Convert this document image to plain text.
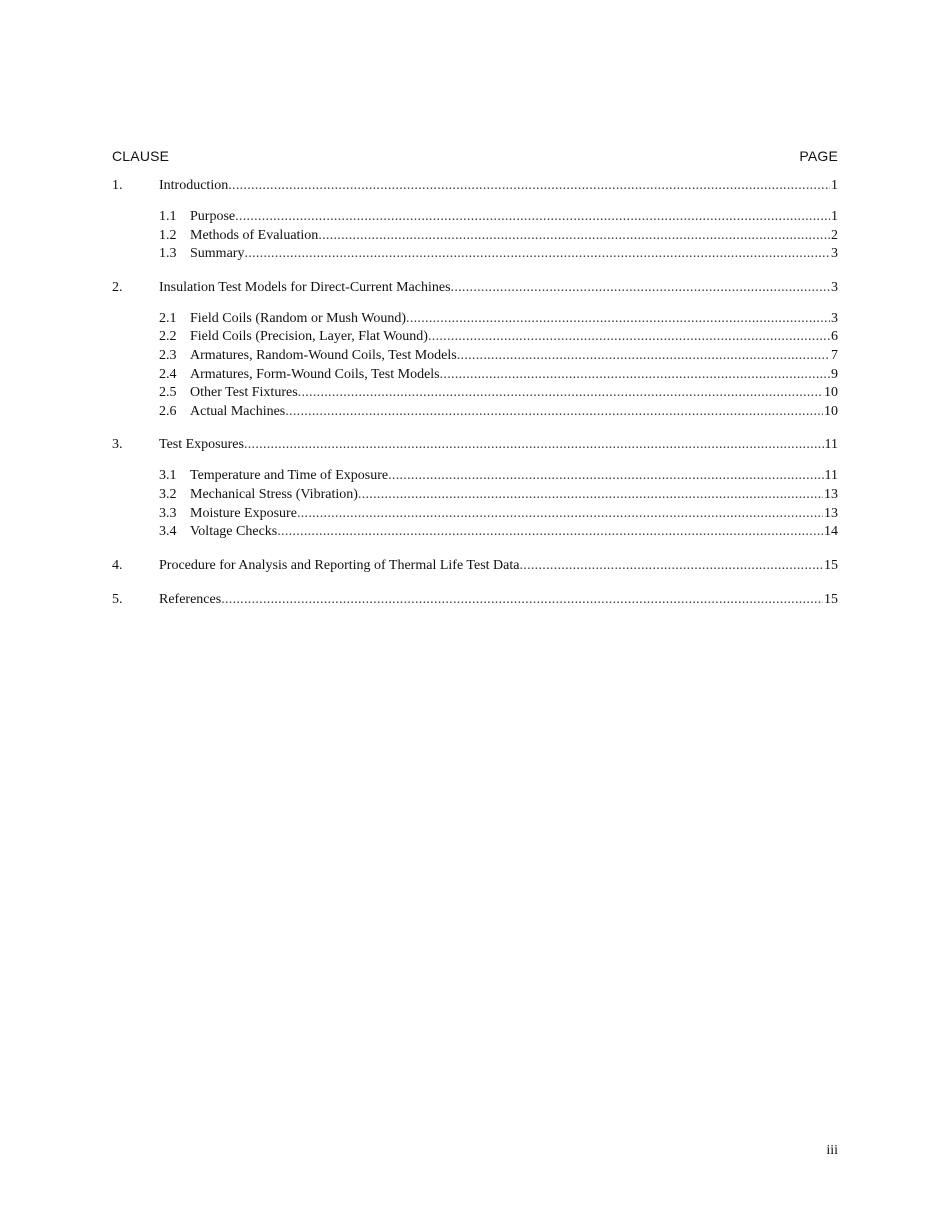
CLAUSE	PAGE
1.	Introduction .....	1
1.1 Purpose .....	1
1.2 Methods of Evaluation .....	2
1.3 Summary .....	3
2.	Insulation Test Models for Direct-Current Machines .....	3
2.1 Field Coils (Random or Mush Wound) .....	3
2.2 Field Coils (Precision, Layer, Flat Wound) .....	6
2.3 Armatures, Random-Wound Coils, Test Models .....	7
2.4 Armatures, Form-Wound Coils, Test Models .....	9
2.5 Other Test Fixtures .....	10
2.6 Actual Machines .....	10
3.	Test Exposures .....	11
3.1 Temperature and Time of Exposure .....	11
3.2 Mechanical Stress (Vibration) .....	13
3.3 Moisture Exposure .....	13
3.4 Voltage Checks .....	14
4.	Procedure for Analysis and Reporting of Thermal Life Test Data .....	15
5.	References .....	15
iii
